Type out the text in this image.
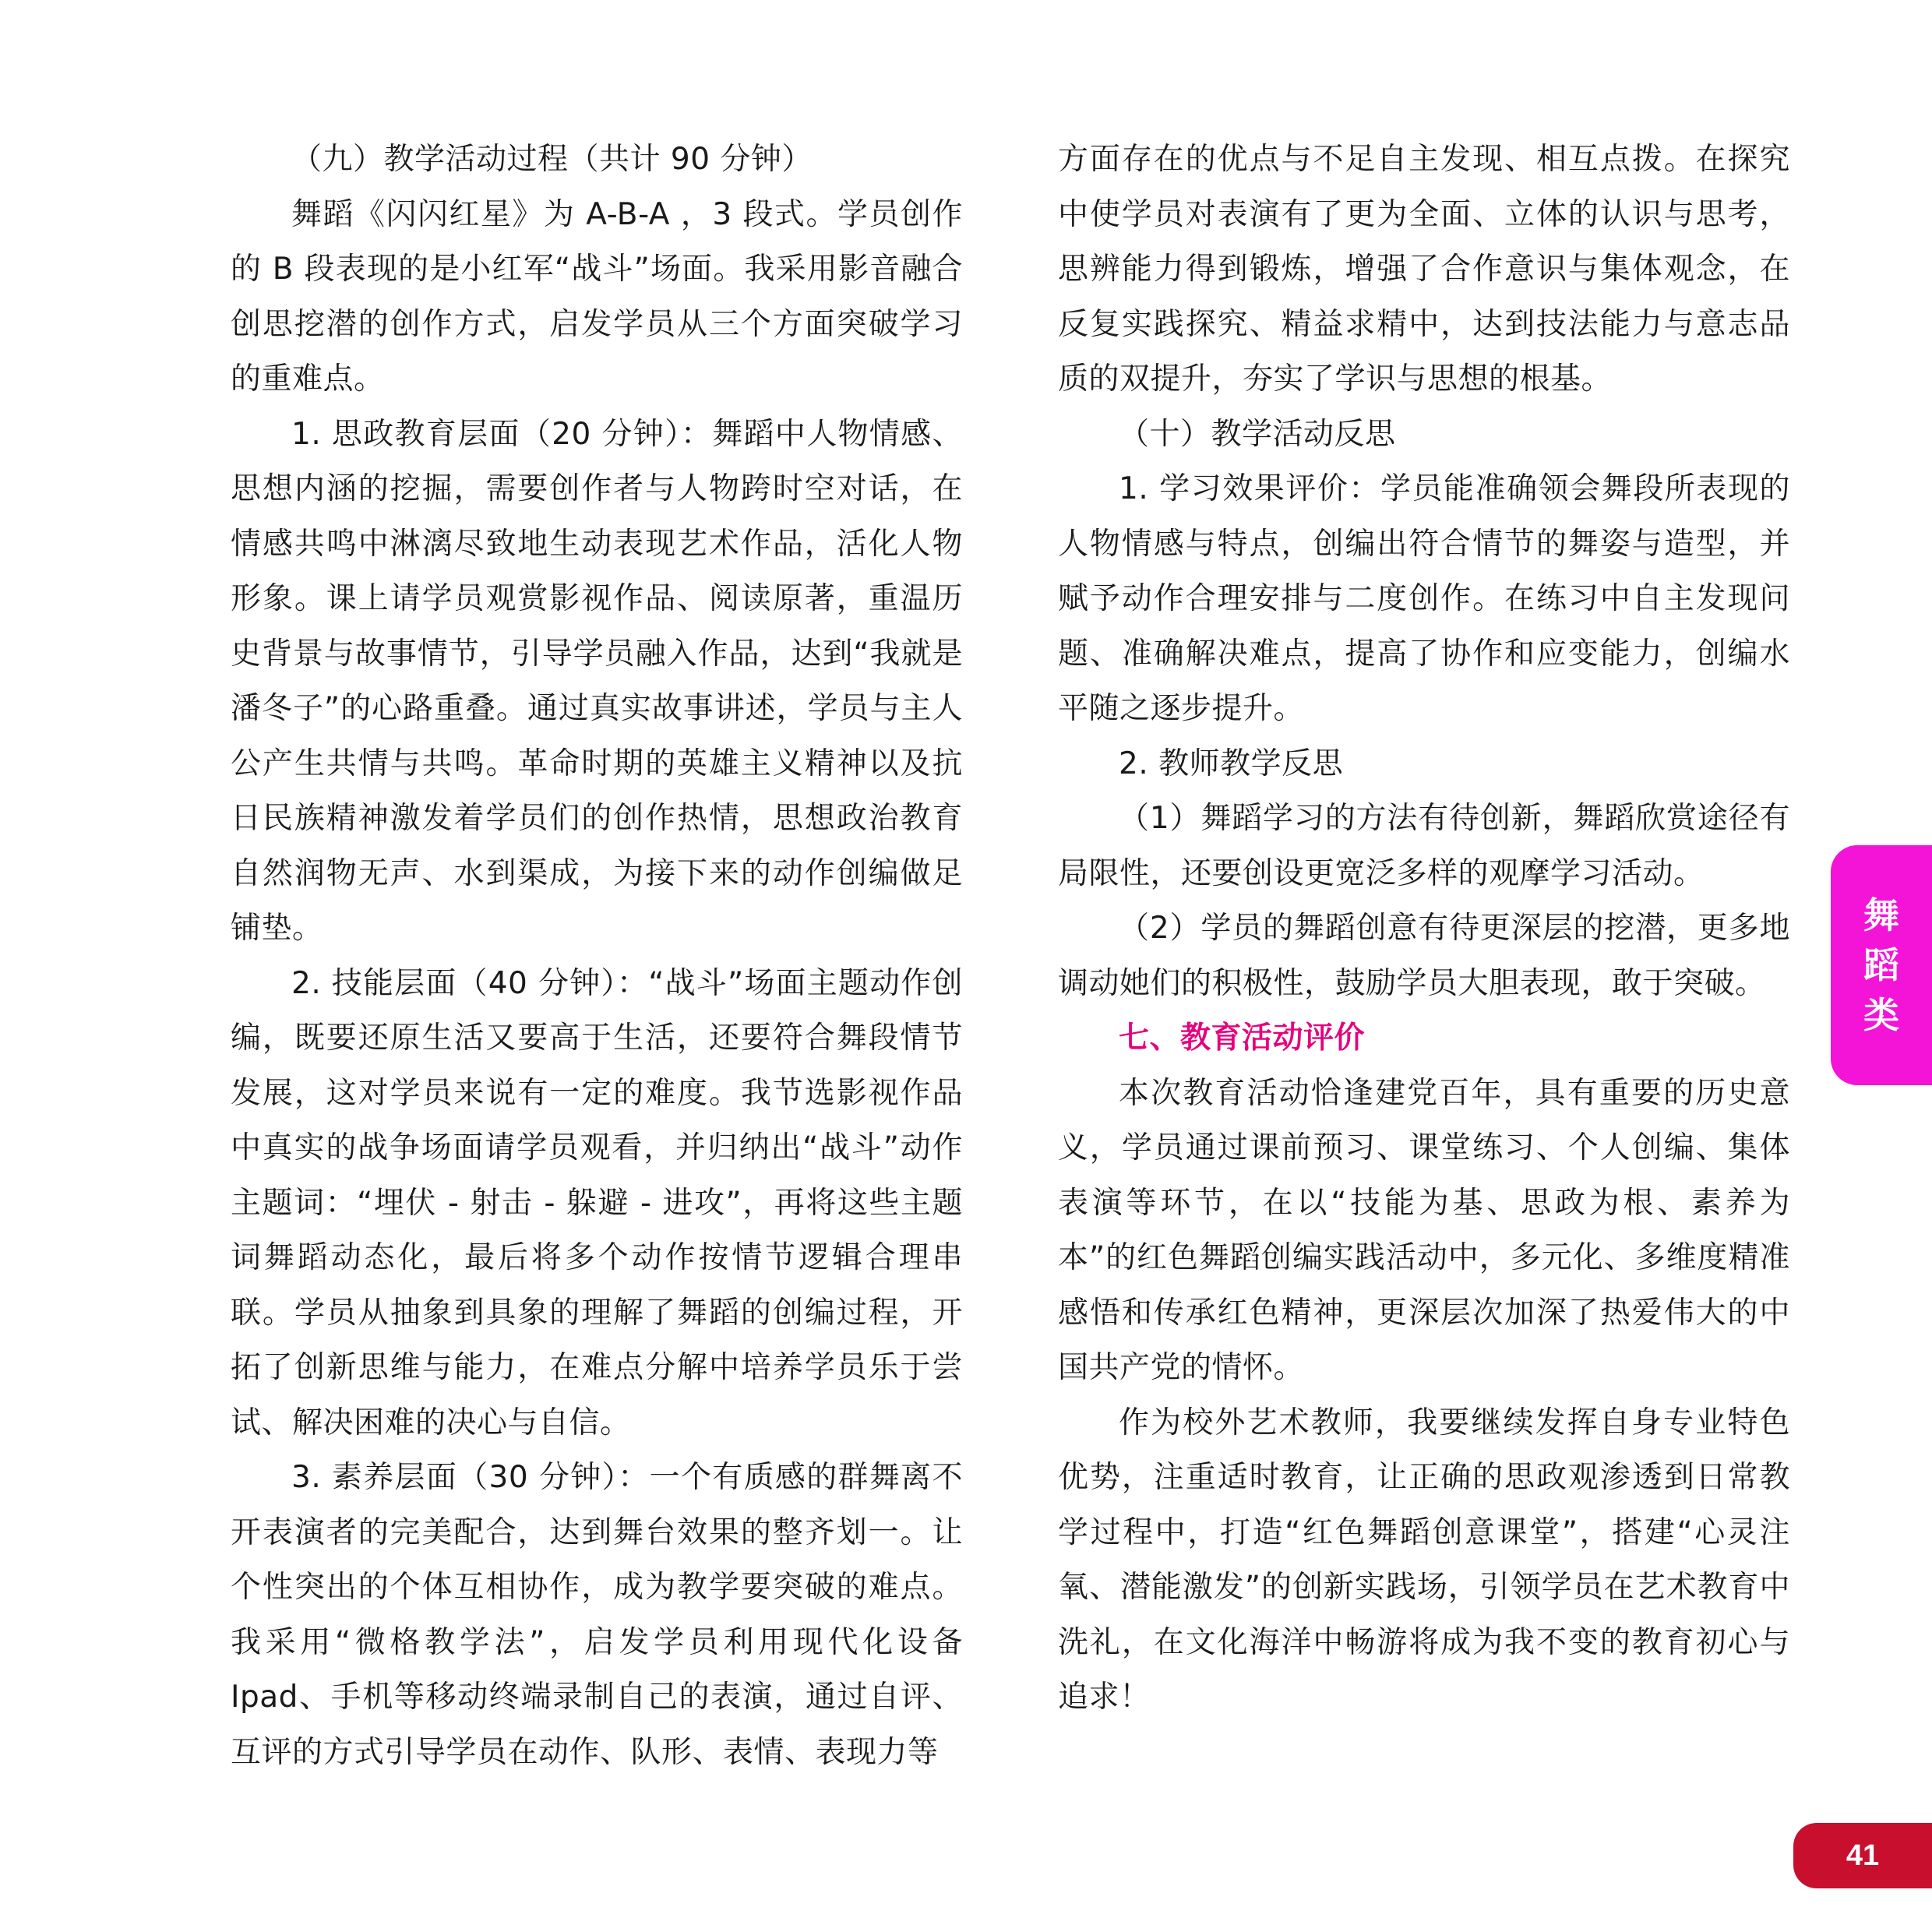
（九）教学活动过程（共计 90 分钟）

舞蹈《闪闪红星》为 A-B-A ，3 段式。学员创作的 B 段表现的是小红军“战斗”场面。我采用影音融合创思挖潜的创作方式，启发学员从三个方面突破学习的重难点。

1. 思政教育层面（20 分钟）：舞蹈中人物情感、思想内涵的挖掘，需要创作者与人物跨时空对话，在情感共鸣中淋漓尽致地生动表现艺术作品，活化人物形象。课上请学员观赏影视作品、阅读原著，重温历史背景与故事情节，引导学员融入作品，达到“我就是潘冬子”的心路重叠。通过真实故事讲述，学员与主人公产生共情与共鸣。革命时期的英雄主义精神以及抗日民族精神激发着学员们的创作热情，思想政治教育自然润物无声、水到渠成，为接下来的动作创编做足铺垫。

2. 技能层面（40 分钟）：“战斗”场面主题动作创编，既要还原生活又要高于生活，还要符合舞段情节发展，这对学员来说有一定的难度。我节选影视作品中真实的战争场面请学员观看，并归纳出“战斗”动作主题词：“埋伏 - 射击 - 躲避 - 进攻”，再将这些主题词舞蹈动态化，最后将多个动作按情节逻辑合理串联。学员从抽象到具象的理解了舞蹈的创编过程，开拓了创新思维与能力，在难点分解中培养学员乐于尝试、解决困难的决心与自信。

3. 素养层面（30 分钟）：一个有质感的群舞离不开表演者的完美配合，达到舞台效果的整齐划一。让个性突出的个体互相协作，成为教学要突破的难点。我采用“微格教学法”，启发学员利用现代化设备 Ipad、手机等移动终端录制自己的表演，通过自评、互评的方式引导学员在动作、队形、表情、表现力等

方面存在的优点与不足自主发现、相互点拨。在探究中使学员对表演有了更为全面、立体的认识与思考，思辨能力得到锻炼，增强了合作意识与集体观念，在反复实践探究、精益求精中，达到技法能力与意志品质的双提升，夯实了学识与思想的根基。

（十）教学活动反思

1. 学习效果评价：学员能准确领会舞段所表现的人物情感与特点，创编出符合情节的舞姿与造型，并赋予动作合理安排与二度创作。在练习中自主发现问题、准确解决难点，提高了协作和应变能力，创编水平随之逐步提升。

2. 教师教学反思

（1）舞蹈学习的方法有待创新，舞蹈欣赏途径有局限性，还要创设更宽泛多样的观摩学习活动。

（2）学员的舞蹈创意有待更深层的挖潜，更多地调动她们的积极性，鼓励学员大胆表现，敢于突破。

七、教育活动评价

本次教育活动恰逢建党百年，具有重要的历史意义，学员通过课前预习、课堂练习、个人创编、集体表演等环节，在以“技能为基、思政为根、素养为本”的红色舞蹈创编实践活动中，多元化、多维度精准感悟和传承红色精神，更深层次加深了热爱伟大的中国共产党的情怀。

作为校外艺术教师，我要继续发挥自身专业特色优势，注重适时教育，让正确的思政观渗透到日常教学过程中，打造“红色舞蹈创意课堂”，搭建“心灵注氧、潜能激发”的创新实践场，引领学员在艺术教育中洗礼，在文化海洋中畅游将成为我不变的教育初心与追求！

舞
蹈
类
41
